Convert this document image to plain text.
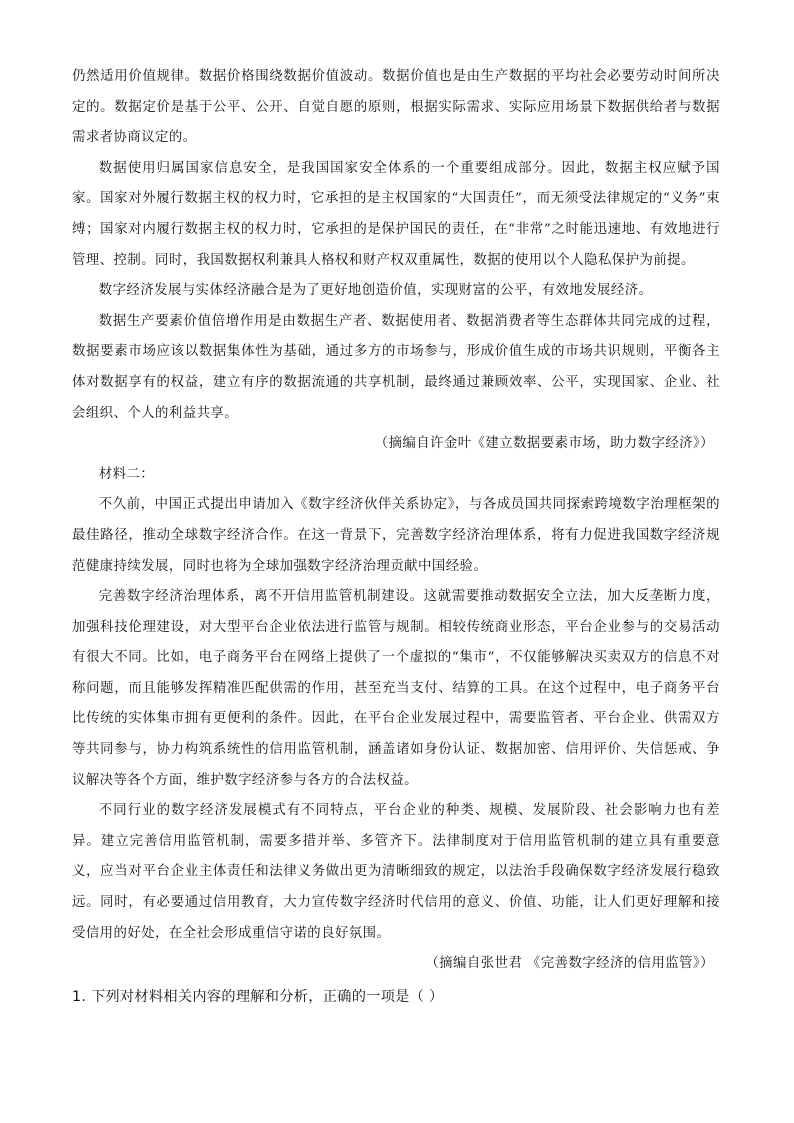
仍然适用价值规律。数据价格围绕数据价值波动。数据价值也是由生产数据的平均社会必要劳动时间所决定的。数据定价是基于公平、公开、自觉自愿的原则，根据实际需求、实际应用场景下数据供给者与数据需求者协商议定的。

数据使用归属国家信息安全，是我国国家安全体系的一个重要组成部分。因此，数据主权应赋予国家。国家对外履行数据主权的权力时，它承担的是主权国家的“大国责任”，而无须受法律规定的“义务”束缚；国家对内履行数据主权的权力时，它承担的是保护国民的责任，在“非常”之时能迅速地、有效地进行管理、控制。同时，我国数据权利兼具人格权和财产权双重属性，数据的使用以个人隐私保护为前提。

数字经济发展与实体经济融合是为了更好地创造价值，实现财富的公平，有效地发展经济。

数据生产要素价值倍增作用是由数据生产者、数据使用者、数据消费者等生态群体共同完成的过程，数据要素市场应该以数据集体性为基础，通过多方的市场参与，形成价值生成的市场共识规则，平衡各主体对数据享有的权益，建立有序的数据流通的共享机制，最终通过兼顾效率、公平，实现国家、企业、社会组织、个人的利益共享。

（摘编自许金叶《建立数据要素市场，助力数字经济》）

材料二：

不久前，中国正式提出申请加入《数字经济伙伴关系协定》，与各成员国共同探索跨境数字治理框架的最佳路径，推动全球数字经济合作。在这一背景下，完善数字经济治理体系，将有力促进我国数字经济规范健康持续发展，同时也将为全球加强数字经济治理贡献中国经验。

完善数字经济治理体系，离不开信用监管机制建设。这就需要推动数据安全立法，加大反垄断力度，加强科技伦理建设，对大型平台企业依法进行监管与规制。相较传统商业形态，平台企业参与的交易活动有很大不同。比如，电子商务平台在网络上提供了一个虚拟的“集市”，不仅能够解决买卖双方的信息不对称问题，而且能够发挥精准匹配供需的作用，甚至充当支付、结算的工具。在这个过程中，电子商务平台比传统的实体集市拥有更便利的条件。因此，在平台企业发展过程中，需要监管者、平台企业、供需双方等共同参与，协力构筑系统性的信用监管机制，涵盖诸如身份认证、数据加密、信用评价、失信惩戒、争议解决等各个方面，维护数字经济参与各方的合法权益。

不同行业的数字经济发展模式有不同特点，平台企业的种类、规模、发展阶段、社会影响力也有差异。建立完善信用监管机制，需要多措并举、多管齐下。法律制度对于信用监管机制的建立具有重要意义，应当对平台企业主体责任和法律义务做出更为清晰细致的规定，以法治手段确保数字经济发展行稳致远。同时，有必要通过信用教育，大力宣传数字经济时代信用的意义、价值、功能，让人们更好理解和接受信用的好处，在全社会形成重信守诺的良好氛围。

（摘编自张世君 《完善数字经济的信用监管》）

1. 下列对材料相关内容的理解和分析，正确的一项是（ ）
